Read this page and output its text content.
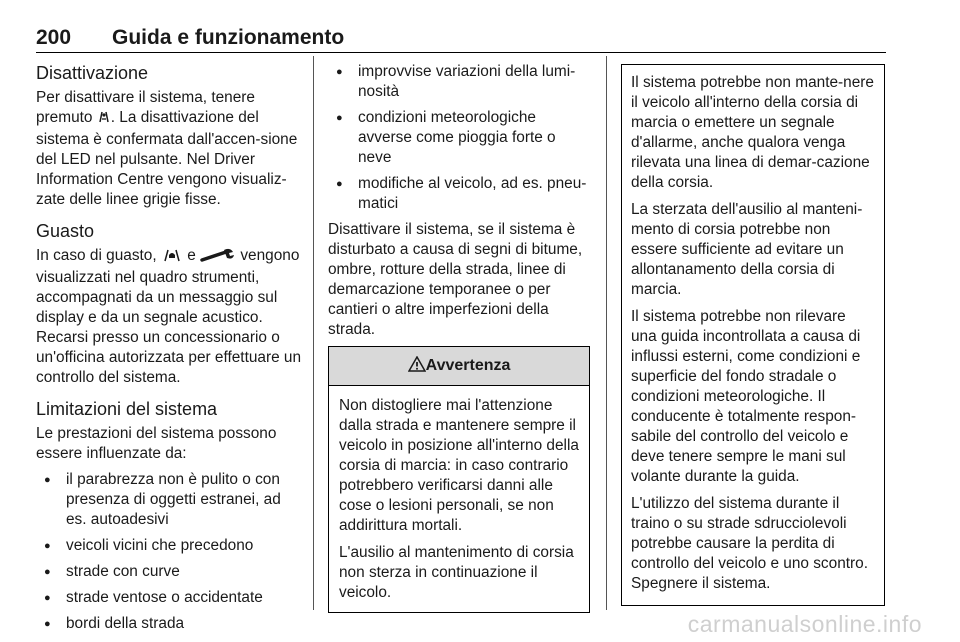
200 Guida e funzionamento
Disattivazione

Per disattivare il sistema, tenere premuto . La disattivazione del sistema è confermata dall'accen-sione del LED nel pulsante. Nel Driver Information Centre vengono visualiz-zate delle linee grigie fisse.

Guasto

In caso di guasto, e	vengono visualizzati nel quadro strumenti, accompagnati da un messaggio sul display e da un segnale acustico. Recarsi presso un concessionario o un'officina autorizzata per effettuare un controllo del sistema.

Limitazioni del sistema

Le prestazioni del sistema possono essere influenzate da:

● il parabrezza non è pulito o con presenza di oggetti estranei, ad es. autoadesivi
● veicoli vicini che precedono
● strade con curve
● strade ventose o accidentate
● bordi della strada
● improvvise variazioni della lumi-nosità
● condizioni meteorologiche avverse come pioggia forte o neve
● modifiche al veicolo, ad es. pneu-matici

Disattivare il sistema, se il sistema è disturbato a causa di segni di bitume, ombre, rotture della strada, linee di demarcazione temporanee o per cantieri o altre imperfezioni della strada.

Avvertenza

Non distogliere mai l'attenzione dalla strada e mantenere sempre il veicolo in posizione all'interno della corsia di marcia: in caso contrario potrebbero verificarsi danni alle cose o lesioni personali, se non addirittura mortali.

L'ausilio al mantenimento di corsia non sterza in continuazione il veicolo.

Il sistema potrebbe non mante-nere il veicolo all'interno della corsia di marcia o emettere un segnale d'allarme, anche qualora venga rilevata una linea di demar-cazione della corsia.

La sterzata dell'ausilio al manteni-mento di corsia potrebbe non essere sufficiente ad evitare un allontanamento della corsia di marcia.

Il sistema potrebbe non rilevare una guida incontrollata a causa di influssi esterni, come condizioni e superficie del fondo stradale o condizioni meteorologiche. Il conducente è totalmente respon-sabile del controllo del veicolo e deve tenere sempre le mani sul volante durante la guida.

L'utilizzo del sistema durante il traino o su strade sdrucciolevoli potrebbe causare la perdita di controllo del veicolo e uno scontro. Spegnere il sistema.

carmanualsonline.info
